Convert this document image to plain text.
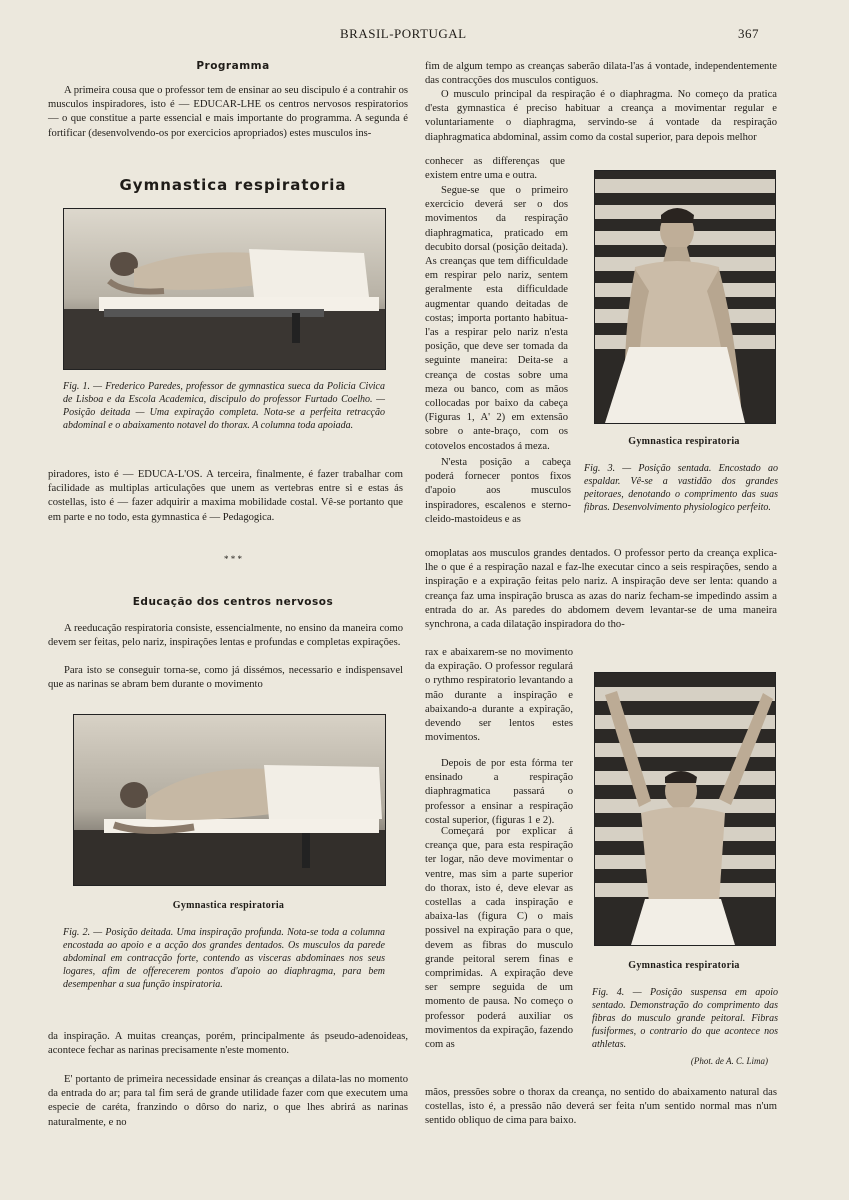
BRASIL-PORTUGAL	367
Programma

A primeira cousa que o professor tem de ensinar ao seu discipulo é a contrahir os musculos inspiradores, isto é — EDUCAR-LHE os centros nervosos respiratorios — o que constitue a parte essencial e mais importante do programma. A segunda é fortificar (desenvolvendo-os por exercicios apropriados) estes musculos ins-

Gymnastica respiratoria
Fig. 1. — Frederico Paredes, professor de gymnastica sueca da Policia Civica de Lisboa e da Escola Academica, discipulo do professor Furtado Coelho. — Posição deitada — Uma expiração completa. Nota-se a perfeita retracção abdominal e o abaixamento notavel do thorax. A columna toda apoiada.

piradores, isto é — EDUCA-L'OS. A terceira, finalmente, é fazer trabalhar com facilidade as multiplas articulações que unem as vertebras entre si e estas ás costellas, isto é — fazer adquirir a maxima mobilidade costal. Vê-se portanto que em parte e no todo, esta gymnastica é — Pedagogica.

* * *
Educação dos centros nervosos

A reeducação respiratoria consiste, essencialmente, no ensino da maneira como devem ser feitas, pelo nariz, inspirações lentas e profundas e completas expirações.

Para isto se conseguir torna-se, como já dissémos, necessario e indispensavel que as narinas se abram bem durante o movimento

Gymnastica respiratoria
Fig. 2. — Posição deitada. Uma inspiração profunda. Nota-se toda a columna encostada ao apoio e a acção dos grandes dentados. Os musculos da parede abdominal em contracção forte, contendo as visceras abdominaes nos seus logares, afim de offerecerem pontos d'apoio ao diaphragma, para bem desempenhar a sua função inspiratoria.

da inspiração. A muitas creanças, porém, principalmente ás pseudo-adenoideas, acontece fechar as narinas precisamente n'este momento.

E' portanto de primeira necessidade ensinar ás creanças a dilata-las no momento da entrada do ar; para tal fim será de grande utilidade fazer com que executem uma especie de caréta, franzindo o dôrso do nariz, o que lhes abrirá as narinas naturalmente, e no

fim de algum tempo as creanças saberão dilata-l'as á vontade, independentemente das contracções dos musculos contiguos.

O musculo principal da respiração é o diaphragma. No começo da pratica d'esta gymnastica é preciso habituar a creança a movimentar regular e voluntariamente o diaphragma, servindo-se á vontade da respiração diaphragmatica abdominal, assim como da costal superior, para depois melhor

conhecer as differenças que existem entre uma e outra.

Segue-se que o primeiro exercicio deverá ser o dos movimentos da respiração diaphragmatica, praticado em decubito dorsal (posição deitada). As creanças que tem difficuldade em respirar pelo nariz, sentem geralmente esta difficuldade augmentar quando deitadas de costas; importa portanto habitua-l'as a respirar pelo nariz n'esta posição, que deve ser tomada da seguinte maneira: Deita-se a creança de costas sobre uma meza ou banco, com as mãos collocadas por baixo da cabeça (Figuras 1, A' 2) em extensão sobre o ante-braço, com os cotovelos encostados á meza.	Gymnastica respiratoria
Fig. 3. — Posição sentada. Encostado ao espaldar. Vê-se a vastidão dos grandes peitoraes, denotando o comprimento das suas fibras. Desenvolvimento physiologico perfeito.

N'esta posição a cabeça poderá fornecer pontos fixos d'apoio aos musculos inspiradores, escalenos e sterno-cleido-mastoideus e as

omoplatas aos musculos grandes dentados. O professor perto da creança explica-lhe o que é a respiração nazal e faz-lhe executar cinco a seis respirações, sendo a inspiração e a expiração feitas pelo nariz. A inspiração deve ser lenta: quando a creança faz uma inspiração brusca as azas do nariz fecham-se impedindo assim a entrada do ar. As paredes do abdomem devem levantar-se de uma maneira synchrona, a cada dilatação inspiradora do tho-

rax e abaixarem-se no movimento da expiração. O professor regulará o rythmo respiratorio levantando a mão durante a inspiração e abaixando-a durante a expiração, devendo ser lentos estes movimentos.

Depois de por esta fórma ter ensinado a respiração diaphragmatica passará o professor a ensinar a respiração costal superior, (figuras 1 e 2).

Começará por explicar á creança que, para esta respiração ter logar, não deve movimentar o ventre, mas sim a parte superior do thorax, isto é, deve elevar as costellas a cada inspiração e abaixa-las (figura C) o mais possivel na expiração para o que, devem as fibras do musculo grande peitoral serem finas e comprimidas. A expiração deve ser sempre seguida de um momento de pausa. No começo o professor poderá auxiliar os movimentos da expiração, fazendo com as

Gymnastica respiratoria
Fig. 4. — Posição suspensa em apoio sentado. Demonstração do comprimento das fibras do musculo grande peitoral. Fibras fusiformes, o contrario do que acontece nos athletas.
(Phot. de A. C. Lima)

mãos, pressões sobre o thorax da creança, no sentido do abaixamento natural das costellas, isto é, a pressão não deverá ser feita n'um sentido normal mas n'um sentido obliquo de cima para baixo.
